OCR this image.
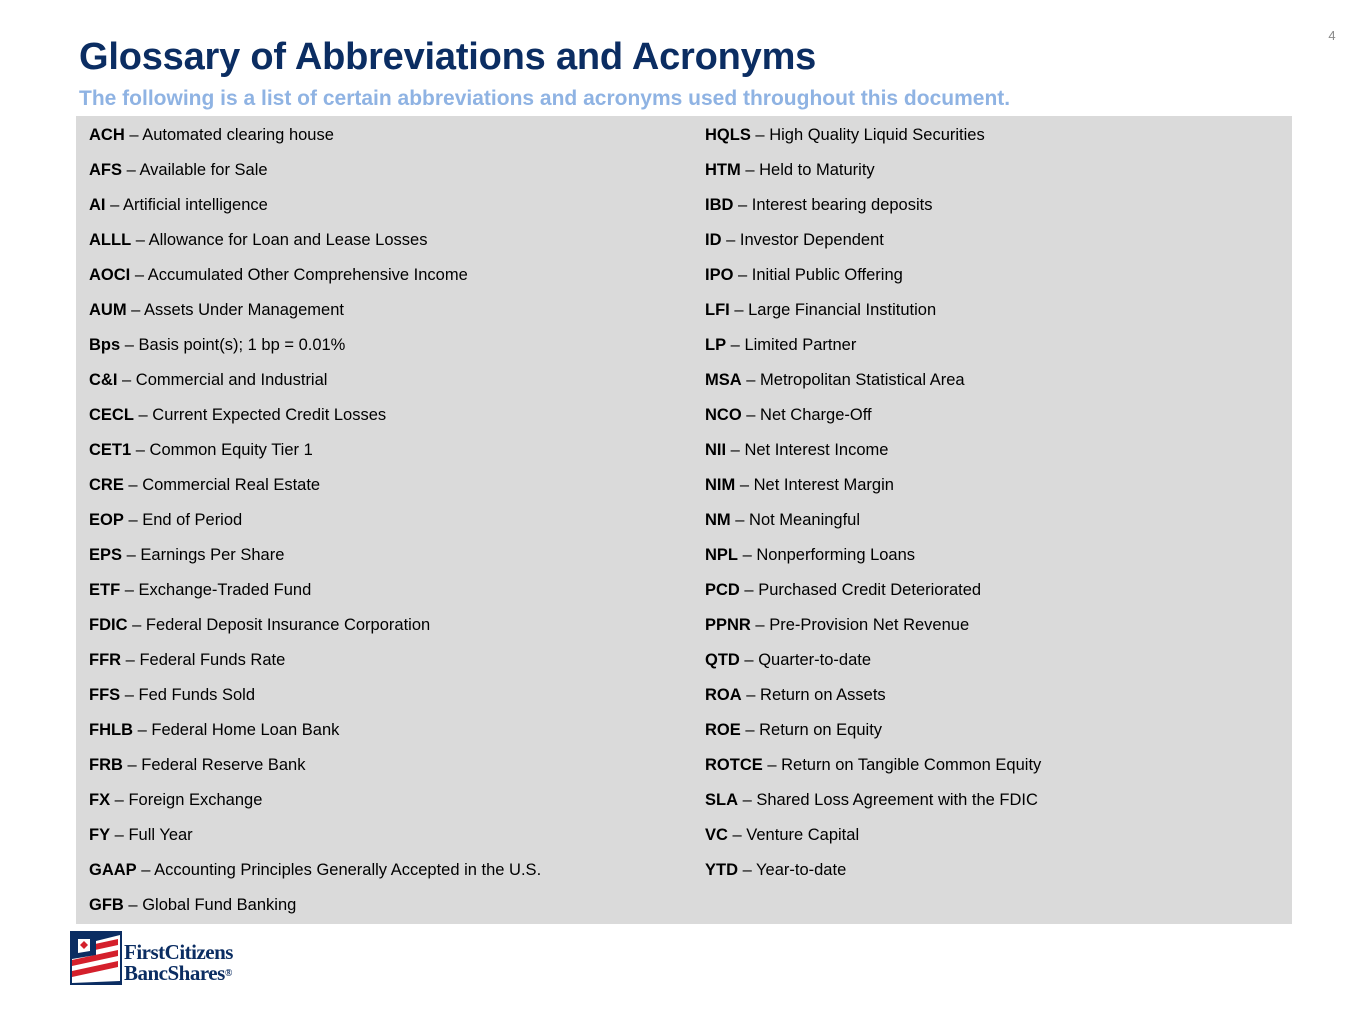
4
Glossary of Abbreviations and Acronyms
The following is a list of certain abbreviations and acronyms used throughout this document.
ACH – Automated clearing house
AFS – Available for Sale
AI – Artificial intelligence
ALLL – Allowance for Loan and Lease Losses
AOCI – Accumulated Other Comprehensive Income
AUM – Assets Under Management
Bps – Basis point(s); 1 bp = 0.01%
C&I – Commercial and Industrial
CECL – Current Expected Credit Losses
CET1 – Common Equity Tier 1
CRE – Commercial Real Estate
EOP – End of Period
EPS – Earnings Per Share
ETF – Exchange-Traded Fund
FDIC – Federal Deposit Insurance Corporation
FFR – Federal Funds Rate
FFS – Fed Funds Sold
FHLB – Federal Home Loan Bank
FRB – Federal Reserve Bank
FX – Foreign Exchange
FY – Full Year
GAAP – Accounting Principles Generally Accepted in the U.S.
GFB – Global Fund Banking
HQLS – High Quality Liquid Securities
HTM – Held to Maturity
IBD – Interest bearing deposits
ID – Investor Dependent
IPO – Initial Public Offering
LFI – Large Financial Institution
LP – Limited Partner
MSA – Metropolitan Statistical Area
NCO – Net Charge-Off
NII – Net Interest Income
NIM – Net Interest Margin
NM – Not Meaningful
NPL – Nonperforming Loans
PCD – Purchased Credit Deteriorated
PPNR – Pre-Provision Net Revenue
QTD – Quarter-to-date
ROA – Return on Assets
ROE – Return on Equity
ROTCE – Return on Tangible Common Equity
SLA – Shared Loss Agreement with the FDIC
VC – Venture Capital
YTD – Year-to-date
FirstCitizens
BancShares®
